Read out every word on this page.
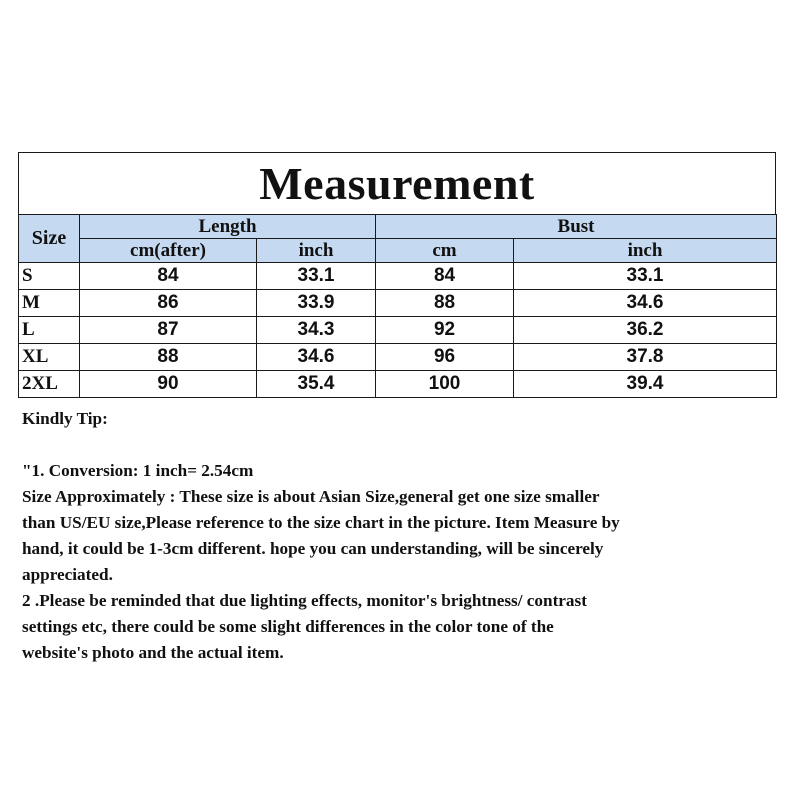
Measurement
Size	Length		Bust	
	cm(after)	inch	cm	inch
S	84	33.1	84	33.1
M	86	33.9	88	34.6
L	87	34.3	92	36.2
XL	88	34.6	96	37.8
2XL	90	35.4	100	39.4

Kindly Tip:

"1. Conversion: 1 inch= 2.54cm

Size Approximately : These size is about Asian Size,general get one size smaller

than US/EU size,Please reference to the size chart in the picture. Item Measure by

hand, it could be 1-3cm different. hope you can understanding, will be sincerely

appreciated.

2 .Please be reminded that due lighting effects, monitor's brightness/ contrast

settings etc, there could be some slight differences in the color tone of the

website's photo and the actual item.
